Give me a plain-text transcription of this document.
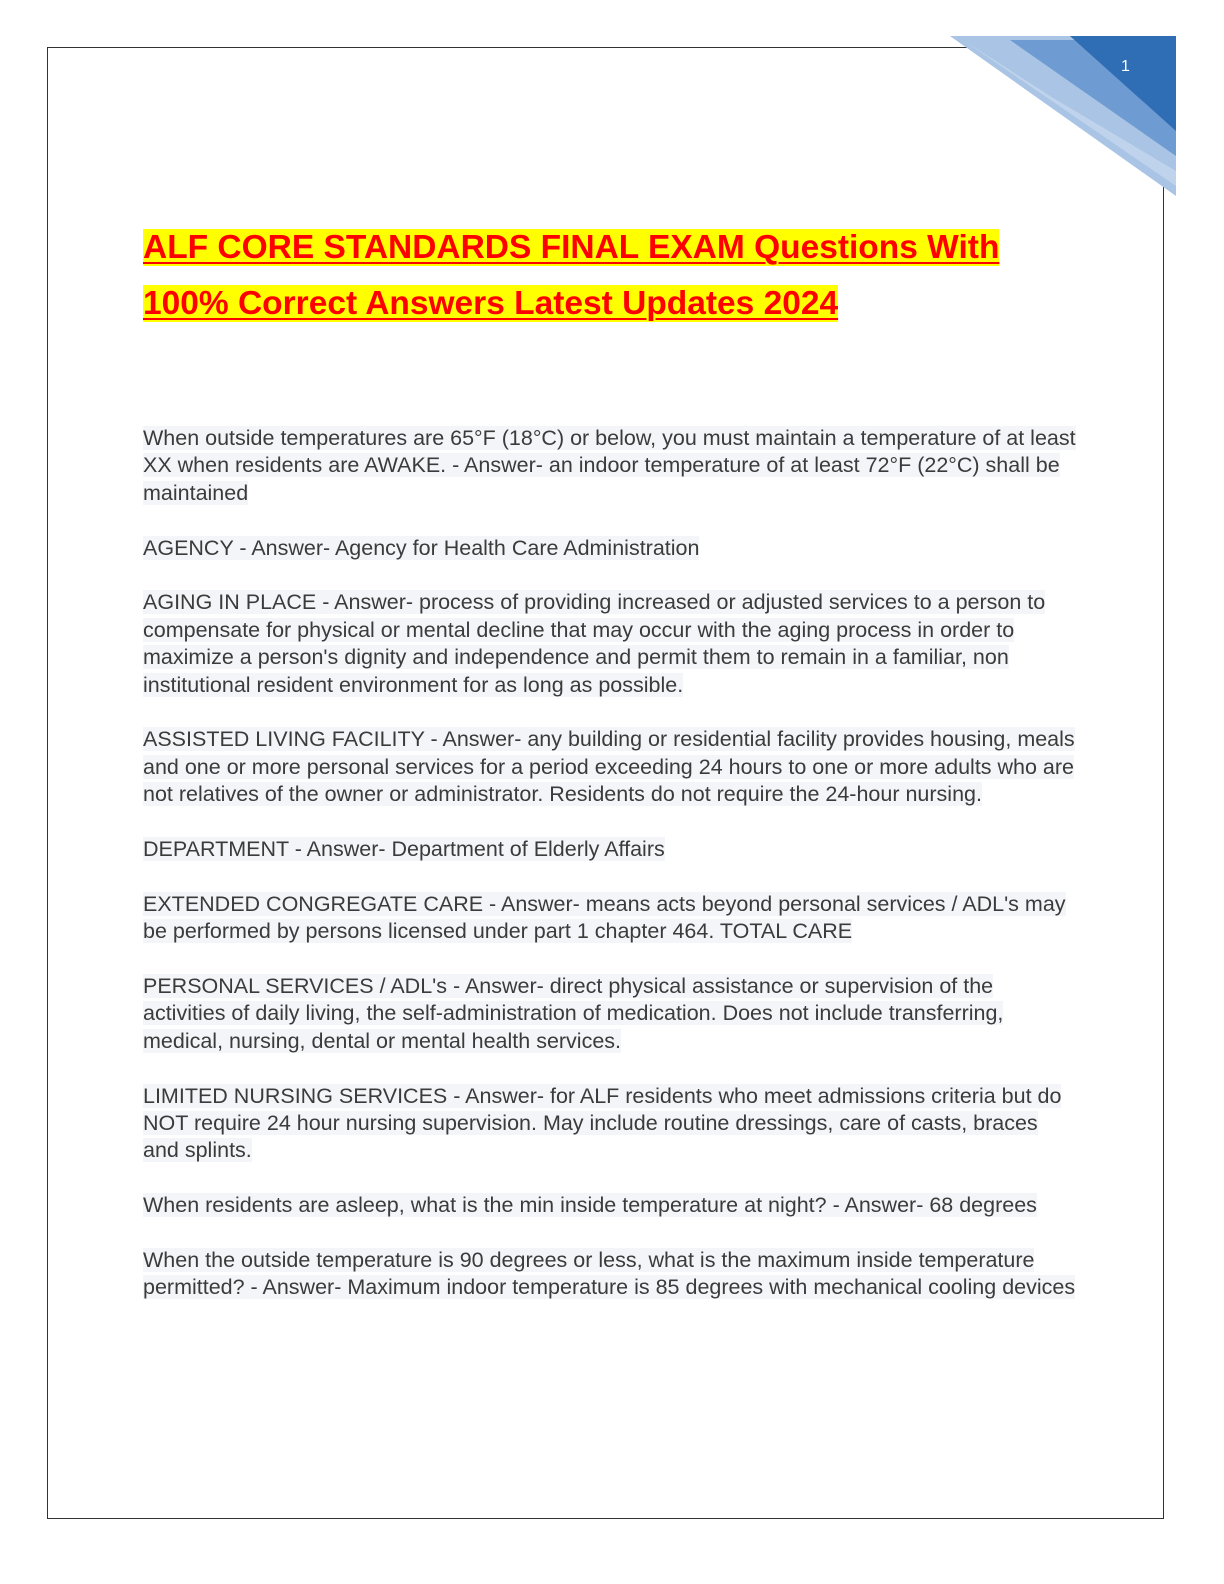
1
ALF CORE STANDARDS FINAL EXAM Questions With
100% Correct Answers Latest Updates 2024

When outside temperatures are 65°F (18°C) or below, you must maintain a temperature of at least XX when residents are AWAKE. - Answer- an indoor temperature of at least 72°F (22°C) shall be maintained

AGENCY - Answer- Agency for Health Care Administration

AGING IN PLACE - Answer- process of providing increased or adjusted services to a person to compensate for physical or mental decline that may occur with the aging process in order to maximize a person's dignity and independence and permit them to remain in a familiar, non institutional resident environment for as long as possible.

ASSISTED LIVING FACILITY - Answer- any building or residential facility provides housing, meals and one or more personal services for a period exceeding 24 hours to one or more adults who are not relatives of the owner or administrator. Residents do not require the 24-hour nursing.

DEPARTMENT - Answer- Department of Elderly Affairs

EXTENDED CONGREGATE CARE - Answer- means acts beyond personal services / ADL's may be performed by persons licensed under part 1 chapter 464. TOTAL CARE

PERSONAL SERVICES / ADL's - Answer- direct physical assistance or supervision of the activities of daily living, the self-administration of medication. Does not include transferring, medical, nursing, dental or mental health services.

LIMITED NURSING SERVICES - Answer- for ALF residents who meet admissions criteria but do NOT require 24 hour nursing supervision. May include routine dressings, care of casts, braces and splints.

When residents are asleep, what is the min inside temperature at night? - Answer- 68 degrees

When the outside temperature is 90 degrees or less, what is the maximum inside temperature permitted? - Answer- Maximum indoor temperature is 85 degrees with mechanical cooling devices
